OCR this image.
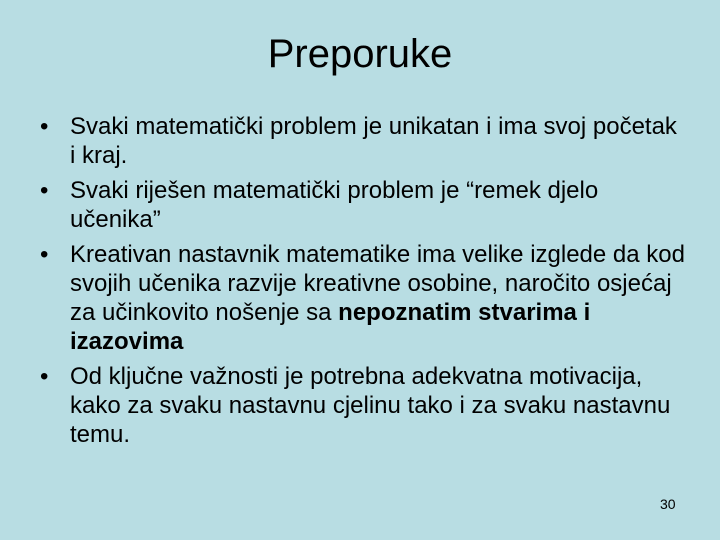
Preporuke
• Svaki matematički problem je unikatan i ima svoj početak i kraj.
• Svaki riješen matematički problem je “remek djelo učenika”
• Kreativan nastavnik matematike ima velike izglede da kod svojih učenika razvije kreativne osobine, naročito osjećaj za učinkovito nošenje sa nepoznatim stvarima i izazovima
• Od ključne važnosti je potrebna adekvatna motivacija, kako za svaku nastavnu cjelinu tako i za svaku nastavnu temu.
30
